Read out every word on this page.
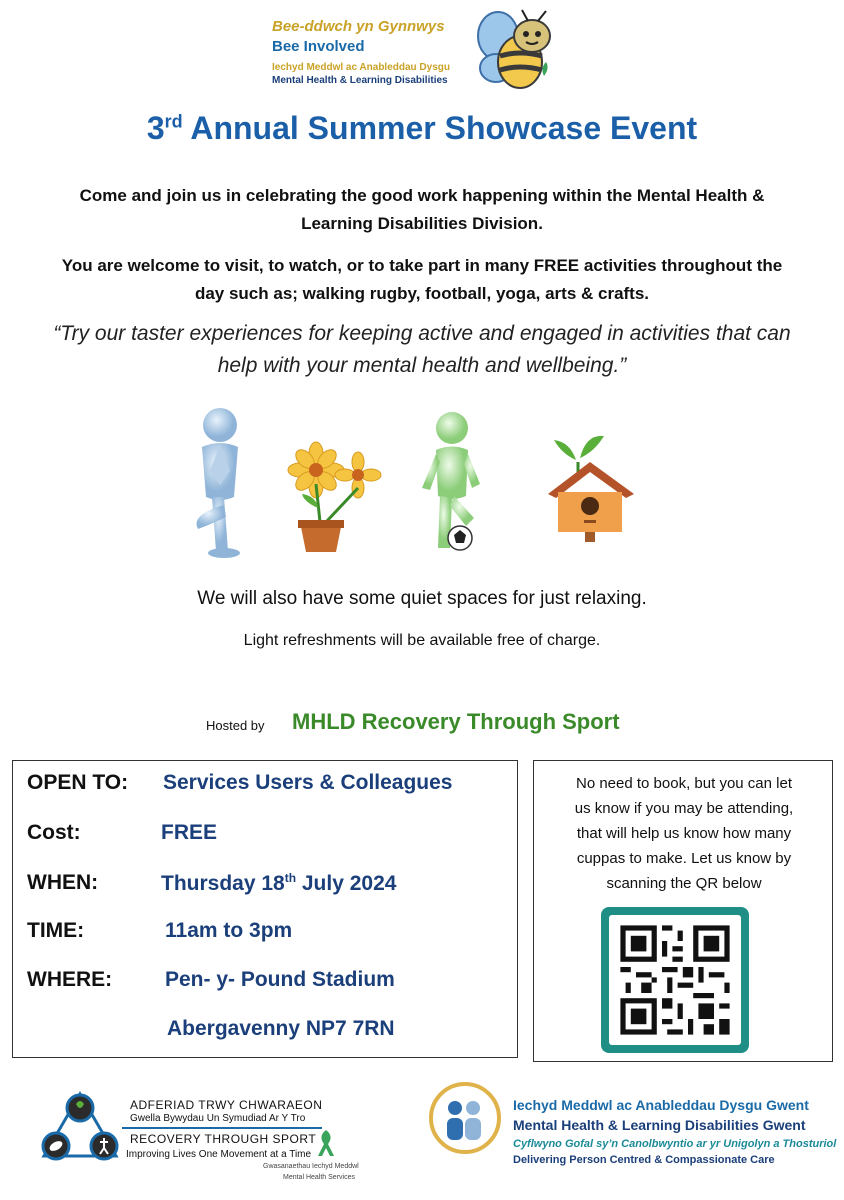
Bee-ddwch yn Gynnwys
Bee Involved
Iechyd Meddwl ac Anableddau Dysgu
Mental Health & Learning Disabilities
3rd Annual Summer Showcase Event
Come and join us in celebrating the good work happening within the Mental Health &
Learning Disabilities Division.
You are welcome to visit, to watch, or to take part in many FREE activities throughout the
day such as; walking rugby, football, yoga, arts & crafts.
“Try our taster experiences for keeping active and engaged in activities that can
help with your mental health and wellbeing.”
We will also have some quiet spaces for just relaxing.
Light refreshments will be available free of charge.
Hosted by MHLD Recovery Through Sport
OPEN TO: Services Users & Colleagues
Cost:	FREE
WHEN:	Thursday 18th July 2024
TIME:	11am to 3pm
WHERE:	Pen- y- Pound Stadium
Abergavenny NP7 7RN
No need to book, but you can let
us know if you may be attending,
that will help us know how many
cuppas to make. Let us know by
scanning the QR below
ADFERIAD TRWY CHWARAEON
Gwella Bywydau Un Symudiad Ar Y Tro
RECOVERY THROUGH SPORT
Improving Lives One Movement at a Time
Gwasanaethau Iechyd Meddwl
Mental Health Services
Iechyd Meddwl ac Anableddau Dysgu Gwent
Mental Health & Learning Disabilities Gwent
Cyflwyno Gofal sy’n Canolbwyntio ar yr Unigolyn a Thosturiol
Delivering Person Centred & Compassionate Care
